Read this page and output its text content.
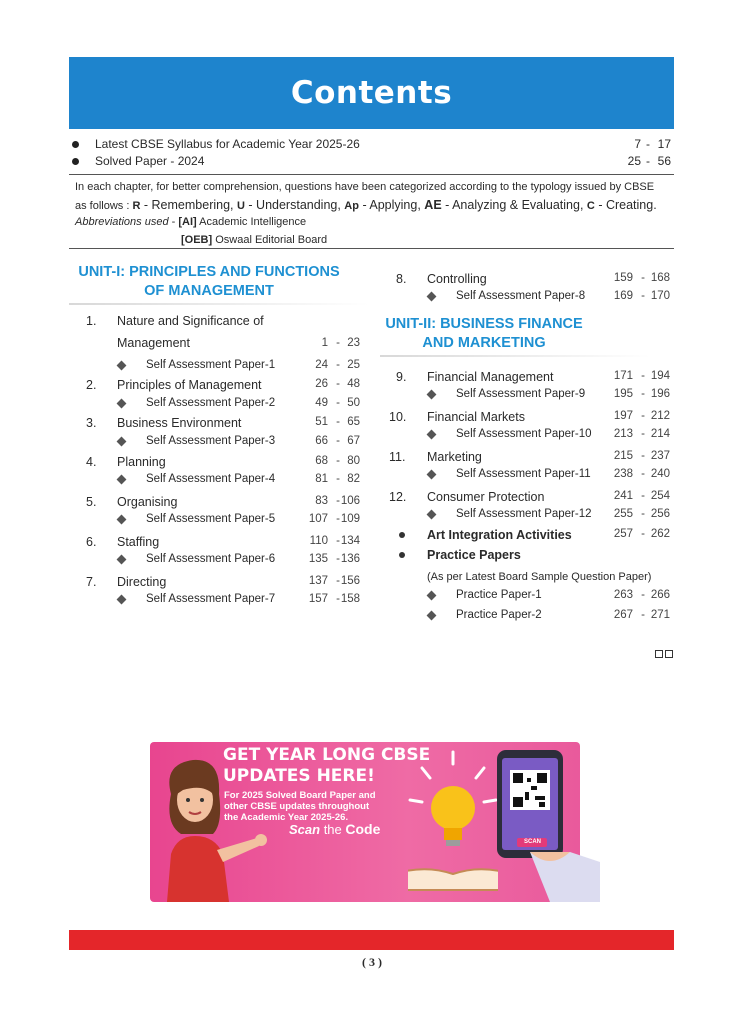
Contents
Latest CBSE Syllabus for Academic Year 2025-26	7 - 17
Solved Paper - 2024	25 - 56
In each chapter, for better comprehension, questions have been categorized according to the typology issued by CBSE
as follows : R - Remembering, U - Understanding, Ap - Applying, AE - Analyzing & Evaluating, C - Creating.
Abbreviations used - [AI] Academic Intelligence
[OEB] Oswaal Editorial Board
UNIT-I: PRINCIPLES AND FUNCTIONS
OF MANAGEMENT
1. Nature and Significance of
Management	1 - 23
Self Assessment Paper-1	24 - 25
2. Principles of Management	26 - 48
Self Assessment Paper-2	49 - 50
3. Business Environment	51 - 65
Self Assessment Paper-3	66 - 67
4. Planning	68 - 80
Self Assessment Paper-4	81 - 82
5. Organising	83 - 106
Self Assessment Paper-5	107 - 109
6. Staffing	110 - 134
Self Assessment Paper-6	135 - 136
7. Directing	137 - 156
Self Assessment Paper-7	157 - 158
8. Controlling	159 - 168
Self Assessment Paper-8	169 - 170
UNIT-II: BUSINESS FINANCE
AND MARKETING
9. Financial Management	171 - 194
Self Assessment Paper-9	195 - 196
10. Financial Markets	197 - 212
Self Assessment Paper-10	213 - 214
11. Marketing	215 - 237
Self Assessment Paper-11	238 - 240
12. Consumer Protection	241 - 254
Self Assessment Paper-12	255 - 256
Art Integration Activities	257 - 262
Practice Papers
(As per Latest Board Sample Question Paper)
Practice Paper-1	263 - 266
Practice Paper-2	267 - 271
GET YEAR LONG CBSE
UPDATES HERE!
For 2025 Solved Board Paper and
other CBSE updates throughout
the Academic Year 2025-26.
Scan the Code
SCAN
( 3 )
